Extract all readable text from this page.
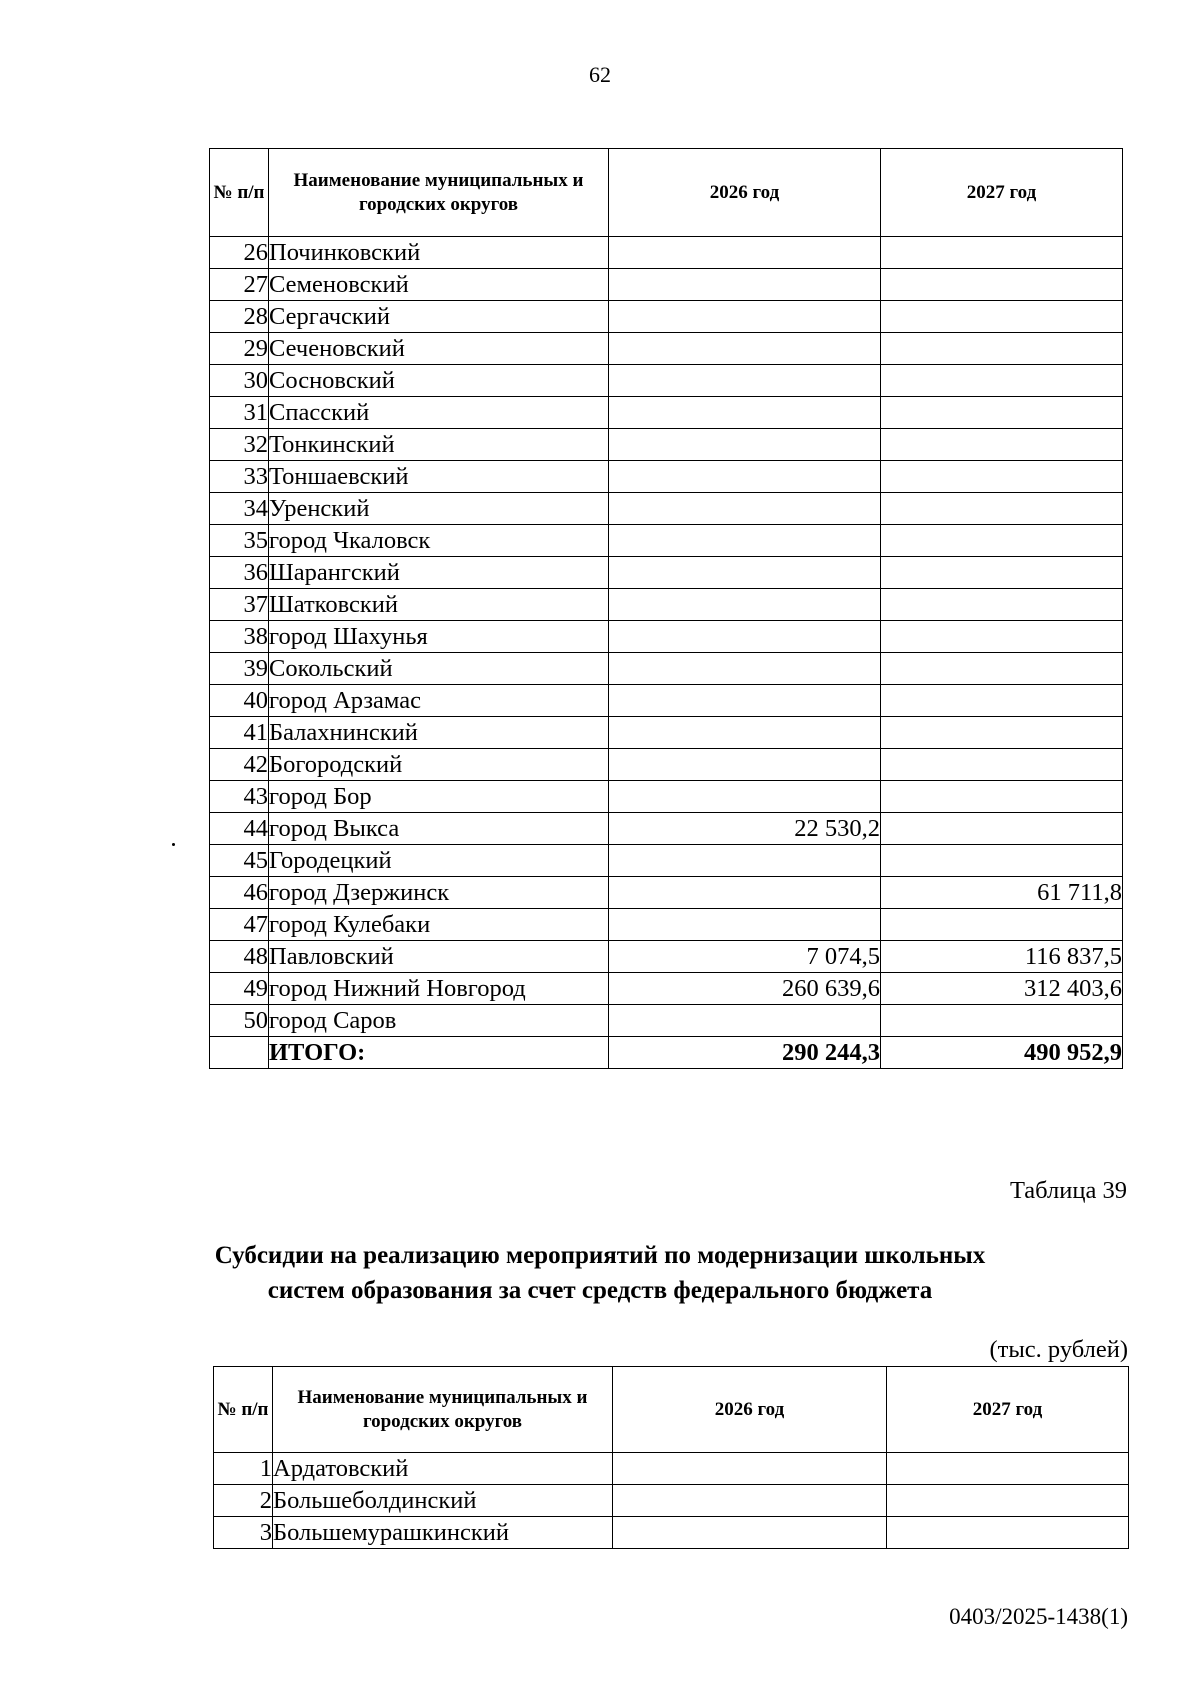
62
№ п/п	Наименование муниципальных и городских округов	2026 год	2027 год
26	Починковский		
27	Семеновский		
28	Сергачский		
29	Сеченовский		
30	Сосновский		
31	Спасский		
32	Тонкинский		
33	Тоншаевский		
34	Уренский		
35	город Чкаловск		
36	Шарангский		
37	Шатковский		
38	город Шахунья		
39	Сокольский		
40	город Арзамас		
41	Балахнинский		
42	Богородский		
43	город Бор		
44	город Выкса	22 530,2	
45	Городецкий		
46	город Дзержинск		61 711,8
47	город Кулебаки		
48	Павловский	7 074,5	116 837,5
49	город Нижний Новгород	260 639,6	312 403,6
50	город Саров		
	ИТОГО:	290 244,3	490 952,9
Таблица 39
Субсидии на реализацию мероприятий по модернизации школьных
систем образования за счет средств федерального бюджета
(тыс. рублей)
№ п/п	Наименование муниципальных и городских округов	2026 год	2027 год
1	Ардатовский		
2	Большеболдинский		
3	Большемурашкинский		
0403/2025-1438(1)
